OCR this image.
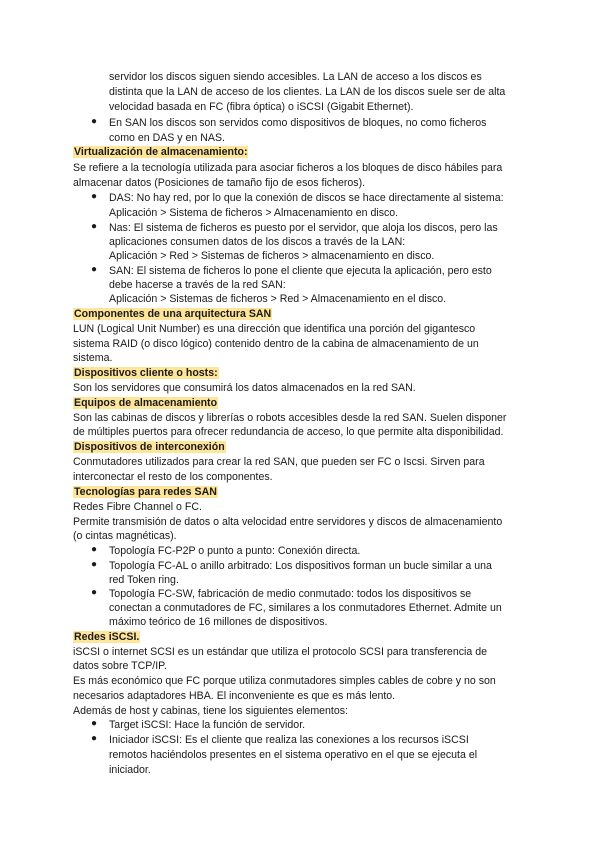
servidor los discos siguen siendo accesibles. La LAN de acceso a los discos es
distinta que la LAN de acceso de los clientes. La LAN de los discos suele ser de alta
velocidad basada en FC (fibra óptica) o iSCSI (Gigabit Ethernet).
● En SAN los discos son servidos como dispositivos de bloques, no como ficheros
como en DAS y en NAS.
Virtualización de almacenamiento:
Se refiere a la tecnología utilizada para asociar ficheros a los bloques de disco hábiles para
almacenar datos (Posiciones de tamaño fijo de esos ficheros).
● DAS: No hay red, por lo que la conexión de discos se hace directamente al sistema:
Aplicación > Sistema de ficheros > Almacenamiento en disco.
● Nas: El sistema de ficheros es puesto por el servidor, que aloja los discos, pero las
aplicaciones consumen datos de los discos a través de la LAN:
Aplicación > Red > Sistemas de ficheros > almacenamiento en disco.
● SAN: El sistema de ficheros lo pone el cliente que ejecuta la aplicación, pero esto
debe hacerse a través de la red SAN:
Aplicación > Sistemas de ficheros > Red > Almacenamiento en el disco.
Componentes de una arquitectura SAN
LUN (Logical Unit Number) es una dirección que identifica una porción del gigantesco
sistema RAID (o disco lógico) contenido dentro de la cabina de almacenamiento de un
sistema.
Dispositivos cliente o hosts:
Son los servidores que consumirá los datos almacenados en la red SAN.
Equipos de almacenamiento
Son las cabinas de discos y librerías o robots accesibles desde la red SAN. Suelen disponer
de múltiples puertos para ofrecer redundancia de acceso, lo que permite alta disponibilidad.
Dispositivos de interconexión
Conmutadores utilizados para crear la red SAN, que pueden ser FC o Iscsi. Sirven para
interconectar el resto de los componentes.
Tecnologías para redes SAN
Redes Fibre Channel o FC.
Permite transmisión de datos o alta velocidad entre servidores y discos de almacenamiento
(o cintas magnéticas).
● Topología FC-P2P o punto a punto: Conexión directa.
● Topología FC-AL o anillo arbitrado: Los dispositivos forman un bucle similar a una
red Token ring.
● Topología FC-SW, fabricación de medio conmutado: todos los dispositivos se
conectan a conmutadores de FC, similares a los conmutadores Ethernet. Admite un
máximo teórico de 16 millones de dispositivos.
Redes iSCSI.
iSCSI o internet SCSI es un estándar que utiliza el protocolo SCSI para transferencia de
datos sobre TCP/IP.
Es más económico que FC porque utiliza conmutadores simples cables de cobre y no son
necesarios adaptadores HBA. El inconveniente es que es más lento.
Además de host y cabinas, tiene los siguientes elementos:
● Target iSCSI: Hace la función de servidor.
● Iniciador iSCSI: Es el cliente que realiza las conexiones a los recursos iSCSI
remotos haciéndolos presentes en el sistema operativo en el que se ejecuta el
iniciador.
